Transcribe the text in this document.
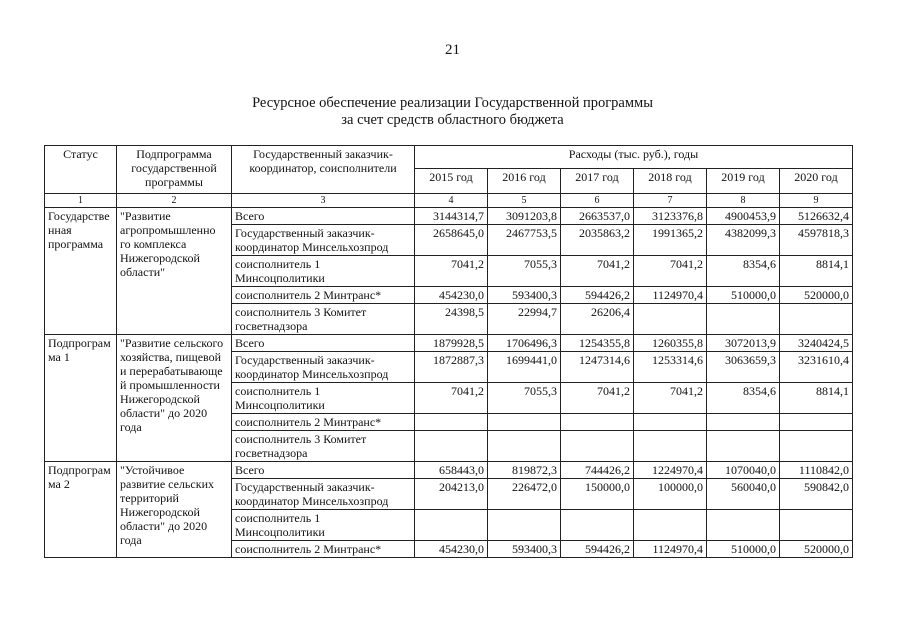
21
Ресурсное обеспечение реализации Государственной программы
за счет средств областного бюджета
Статус	Подпрограмма государственной программы	Государственный заказчик-координатор, соисполнители	Расходы (тыс. руб.), годы					
			2015 год	2016 год	2017 год	2018 год	2019 год	2020 год
1	2	3	4	5	6	7	8	9
Государстве нная программа	"Развитие агропромышленно го комплекса Нижегородской области"	Всего	3144314,7	3091203,8	2663537,0	3123376,8	4900453,9	5126632,4
		Государственный заказчик-координатор Минсельхозпрод	2658645,0	2467753,5	2035863,2	1991365,2	4382099,3	4597818,3
		соисполнитель 1 Минсоцполитики	7041,2	7055,3	7041,2	7041,2	8354,6	8814,1
		соисполнитель 2 Минтранс*	454230,0	593400,3	594426,2	1124970,4	510000,0	520000,0
		соисполнитель 3 Комитет госветнадзора	24398,5	22994,7	26206,4			
Подпрограм ма 1	"Развитие сельского хозяйства, пищевой и перерабатывающе й промышленности Нижегородской области" до 2020 года	Всего	1879928,5	1706496,3	1254355,8	1260355,8	3072013,9	3240424,5
		Государственный заказчик-координатор Минсельхозпрод	1872887,3	1699441,0	1247314,6	1253314,6	3063659,3	3231610,4
		соисполнитель 1 Минсоцполитики	7041,2	7055,3	7041,2	7041,2	8354,6	8814,1
		соисполнитель 2 Минтранс*						
		соисполнитель 3 Комитет госветнадзора						
Подпрограм ма 2	"Устойчивое развитие сельских территорий Нижегородской области" до 2020 года	Всего	658443,0	819872,3	744426,2	1224970,4	1070040,0	1110842,0
		Государственный заказчик-координатор Минсельхозпрод	204213,0	226472,0	150000,0	100000,0	560040,0	590842,0
		соисполнитель 1 Минсоцполитики						
		соисполнитель 2 Минтранс*	454230,0	593400,3	594426,2	1124970,4	510000,0	520000,0
